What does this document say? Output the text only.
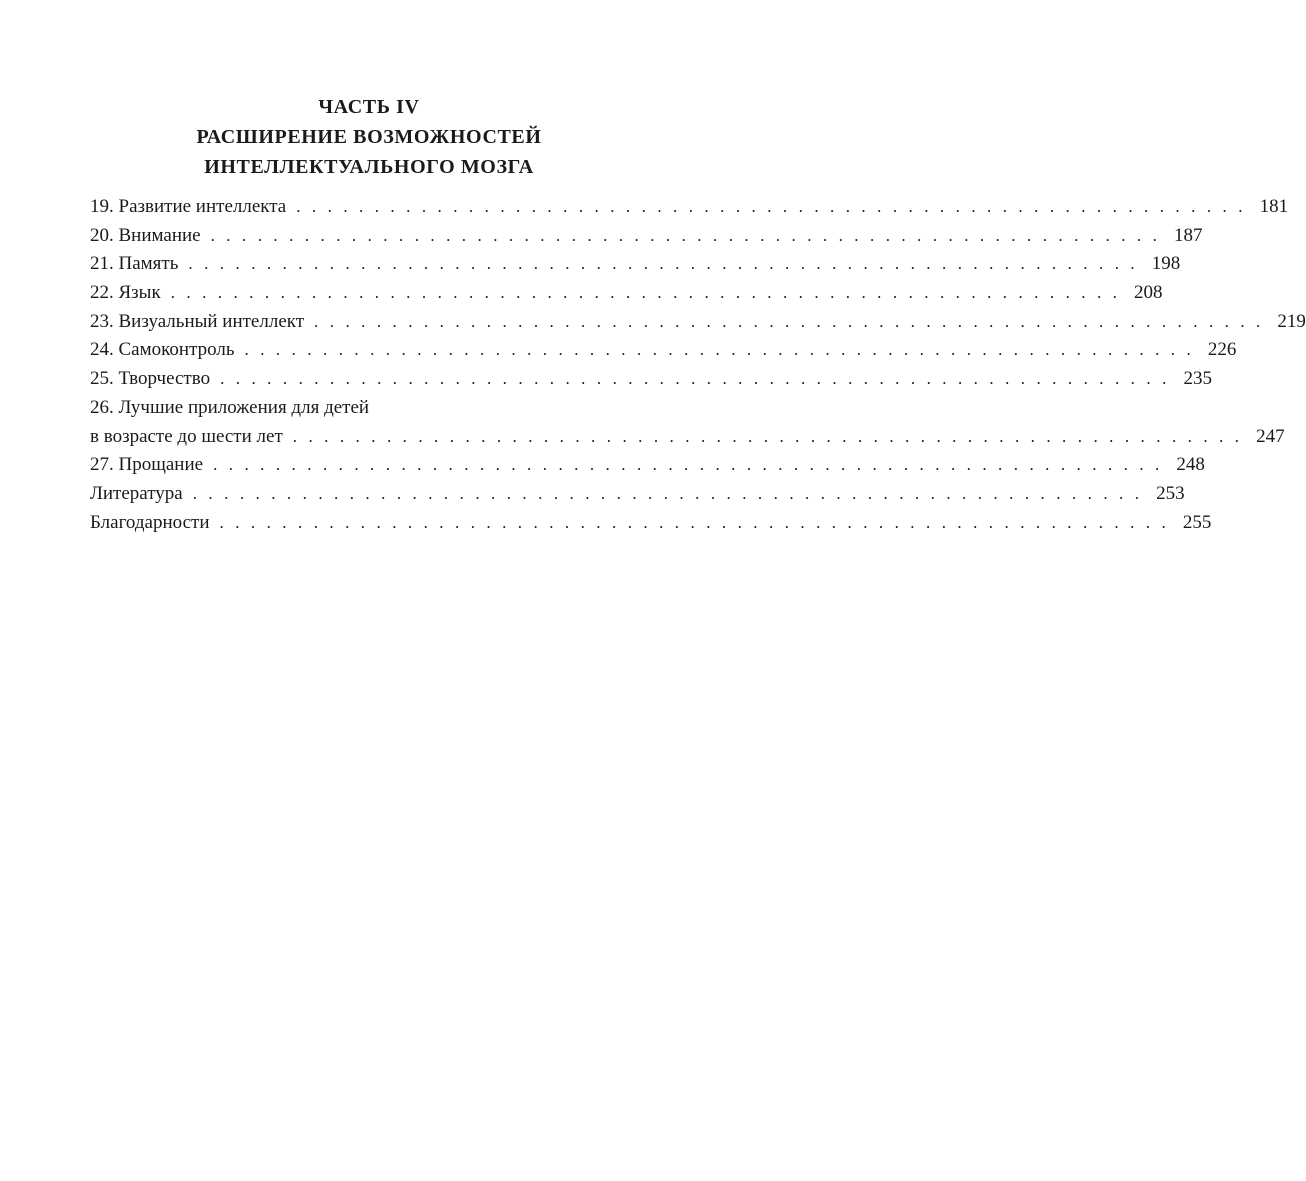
ЧАСТЬ IV
РАСШИРЕНИЕ ВОЗМОЖНОСТЕЙ
ИНТЕЛЛЕКТУАЛЬНОГО МОЗГА
19. Развитие интеллекта . . . . . . . . . . . . . . . . . . . . . . . . . . . . . . . . . . . . . . . . . . . . . . . . . . . . . . . . . . . . . 181
20. Внимание . . . . . . . . . . . . . . . . . . . . . . . . . . . . . . . . . . . . . . . . . . . . . . . . . . . . . . . . . . . . . 187
21. Память . . . . . . . . . . . . . . . . . . . . . . . . . . . . . . . . . . . . . . . . . . . . . . . . . . . . . . . . . . . . . 198
22. Язык . . . . . . . . . . . . . . . . . . . . . . . . . . . . . . . . . . . . . . . . . . . . . . . . . . . . . . . . . . . . . 208
23. Визуальный интеллект . . . . . . . . . . . . . . . . . . . . . . . . . . . . . . . . . . . . . . . . . . . . . . . . . . . . . . . . . . . . . 219
24. Самоконтроль . . . . . . . . . . . . . . . . . . . . . . . . . . . . . . . . . . . . . . . . . . . . . . . . . . . . . . . . . . . . . 226
25. Творчество . . . . . . . . . . . . . . . . . . . . . . . . . . . . . . . . . . . . . . . . . . . . . . . . . . . . . . . . . . . . . 235
26. Лучшие приложения для детей
в возрасте до шести лет . . . . . . . . . . . . . . . . . . . . . . . . . . . . . . . . . . . . . . . . . . . . . . . . . . . . . . . . . . . . . 247
27. Прощание . . . . . . . . . . . . . . . . . . . . . . . . . . . . . . . . . . . . . . . . . . . . . . . . . . . . . . . . . . . . . 248
Литература . . . . . . . . . . . . . . . . . . . . . . . . . . . . . . . . . . . . . . . . . . . . . . . . . . . . . . . . . . . . . 253
Благодарности . . . . . . . . . . . . . . . . . . . . . . . . . . . . . . . . . . . . . . . . . . . . . . . . . . . . . . . . . . . . . 255
